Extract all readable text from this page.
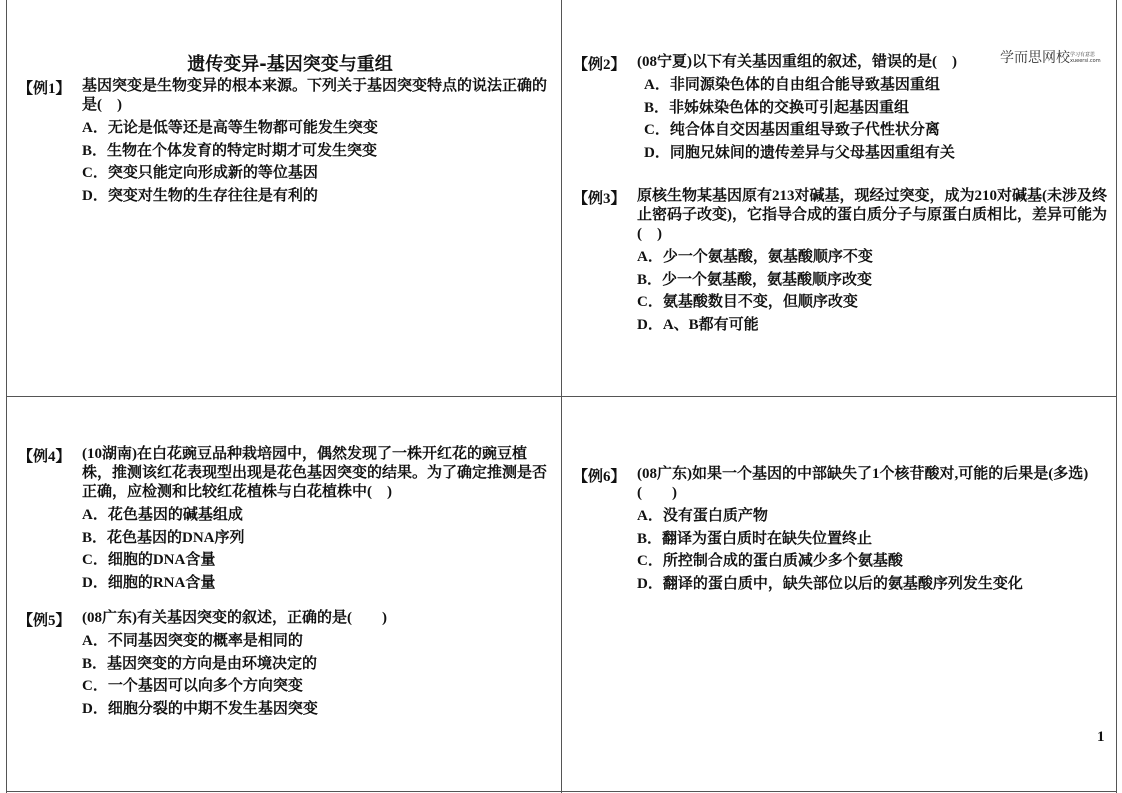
遗传变异-基因突变与重组	学而思网校学习有意思
xueersi.com
【例1】 基因突变是生物变异的根本来源。下列关于基因突变特点的说法正确的是(　)
A．无论是低等还是高等生物都可能发生突变
B．生物在个体发育的特定时期才可发生突变
C．突变只能定向形成新的等位基因
D．突变对生物的生存往往是有利的
【例2】 (08宁夏)以下有关基因重组的叙述，错误的是(　)
A．非同源染色体的自由组合能导致基因重组
B．非姊妹染色体的交换可引起基因重组
C．纯合体自交因基因重组导致子代性状分离
D．同胞兄妹间的遗传差异与父母基因重组有关
【例3】 原核生物某基因原有213对碱基，现经过突变，成为210对碱基(未涉及终止密码子改变)，它指导合成的蛋白质分子与原蛋白质相比，差异可能为 (　)
A．少一个氨基酸，氨基酸顺序不变
B．少一个氨基酸，氨基酸顺序改变
C．氨基酸数目不变，但顺序改变
D．A、B都有可能
【例4】 (10湖南)在白花豌豆品种栽培园中，偶然发现了一株开红花的豌豆植株，推测该红花表现型出现是花色基因突变的结果。为了确定推测是否正确，应检测和比较红花植株与白花植株中(　)
A．花色基因的碱基组成
B．花色基因的DNA序列
C．细胞的DNA含量
D．细胞的RNA含量
【例5】 (08广东)有关基因突变的叙述，正确的是(　　)
A．不同基因突变的概率是相同的
B．基因突变的方向是由环境决定的
C．一个基因可以向多个方向突变
D．细胞分裂的中期不发生基因突变
【例6】 (08广东)如果一个基因的中部缺失了1个核苷酸对,可能的后果是(多选) (　　)
A．没有蛋白质产物
B．翻译为蛋白质时在缺失位置终止
C．所控制合成的蛋白质减少多个氨基酸
D．翻译的蛋白质中，缺失部位以后的氨基酸序列发生变化
1
